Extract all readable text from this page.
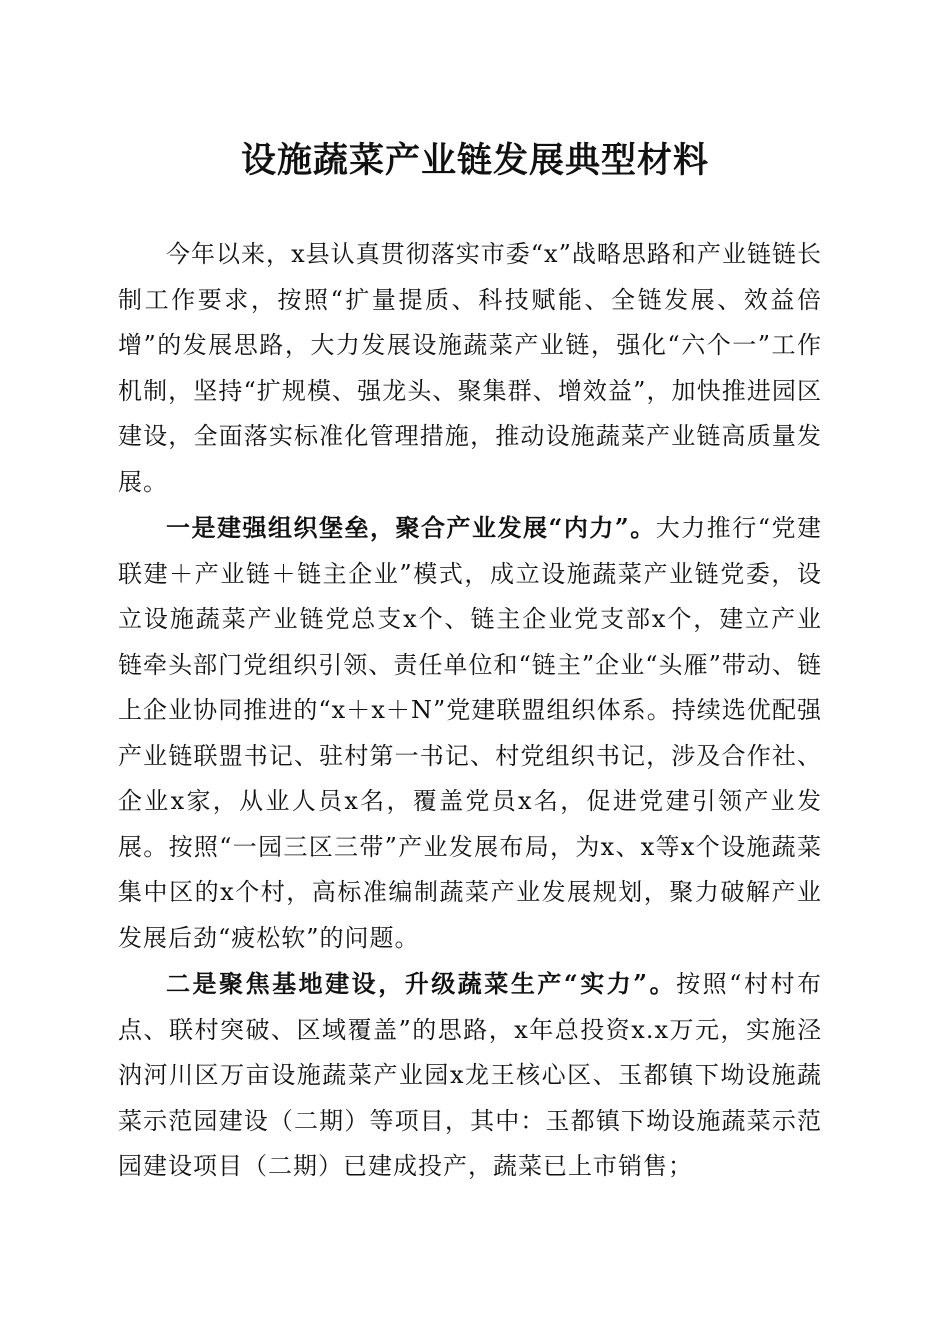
设施蔬菜产业链发展典型材料

今年以来，x县认真贯彻落实市委“x”战略思路和产业链链长制工作要求，按照“扩量提质、科技赋能、全链发展、效益倍增”的发展思路，大力发展设施蔬菜产业链，强化“六个一”工作机制，坚持“扩规模、强龙头、聚集群、增效益”，加快推进园区建设，全面落实标准化管理措施，推动设施蔬菜产业链高质量发展。

一是建强组织堡垒，聚合产业发展“内力”。大力推行“党建联建＋产业链＋链主企业”模式，成立设施蔬菜产业链党委，设立设施蔬菜产业链党总支x个、链主企业党支部x个，建立产业链牵头部门党组织引领、责任单位和“链主”企业“头雁”带动、链上企业协同推进的“x＋x＋N”党建联盟组织体系。持续选优配强产业链联盟书记、驻村第一书记、村党组织书记，涉及合作社、企业x家，从业人员x名，覆盖党员x名，促进党建引领产业发展。按照“一园三区三带”产业发展布局，为x、x等x个设施蔬菜集中区的x个村，高标准编制蔬菜产业发展规划，聚力破解产业发展后劲“疲松软”的问题。

二是聚焦基地建设，升级蔬菜生产“实力”。按照“村村布点、联村突破、区域覆盖”的思路，x年总投资x.x万元，实施泾汭河川区万亩设施蔬菜产业园x龙王核心区、玉都镇下坳设施蔬菜示范园建设（二期）等项目，其中：玉都镇下坳设施蔬菜示范园建设项目（二期）已建成投产，蔬菜已上市销售；
